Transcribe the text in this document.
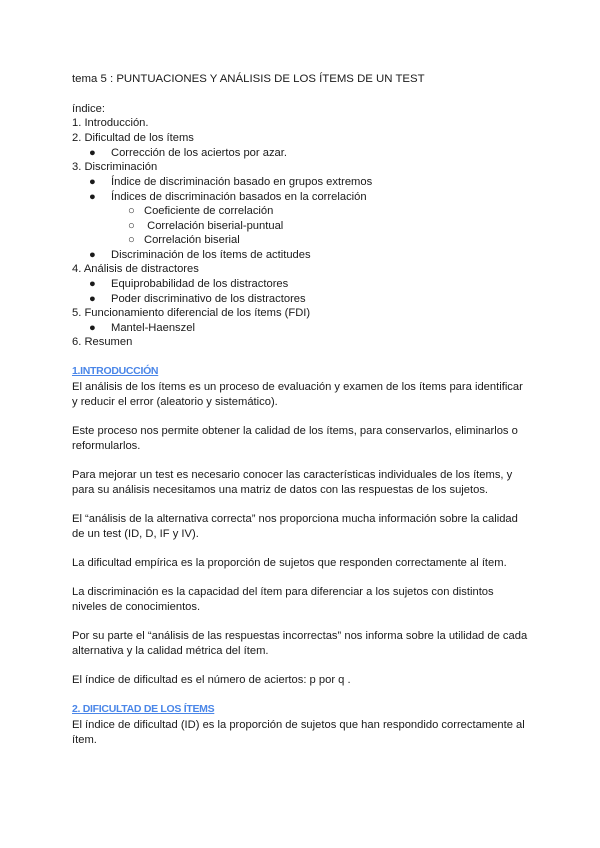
tema 5 : PUNTUACIONES Y ANÁLISIS DE LOS ÍTEMS DE UN TEST
índice:
1. Introducción.
2. Dificultad de los ítems
● Corrección de los aciertos por azar.
3. Discriminación
● Índice de discriminación basado en grupos extremos
● Índices de discriminación basados en la correlación
○ Coeficiente de correlación
○ Correlación biserial-puntual
○ Correlación biserial
● Discriminación de los ítems de actitudes
4. Análisis de distractores
● Equiprobabilidad de los distractores
● Poder discriminativo de los distractores
5. Funcionamiento diferencial de los ítems (FDI)
● Mantel-Haenszel
6. Resumen
1.INTRODUCCIÓN
El análisis de los ítems es un proceso de evaluación y examen de los ítems para identificar
y reducir el error (aleatorio y sistemático).
Este proceso nos permite obtener la calidad de los ítems, para conservarlos, eliminarlos o
reformularlos.
Para mejorar un test es necesario conocer las características individuales de los ítems, y
para su análisis necesitamos una matriz de datos con las respuestas de los sujetos.
El “análisis de la alternativa correcta” nos proporciona mucha información sobre la calidad
de un test (ID, D, IF y IV).
La dificultad empírica es la proporción de sujetos que responden correctamente al ítem.
La discriminación es la capacidad del ítem para diferenciar a los sujetos con distintos
niveles de conocimientos.
Por su parte el “análisis de las respuestas incorrectas” nos informa sobre la utilidad de cada
alternativa y la calidad métrica del ítem.
El índice de dificultad es el número de aciertos: p por q .
2. DIFICULTAD DE LOS ÍTEMS
El índice de dificultad (ID) es la proporción de sujetos que han respondido correctamente al
ítem.
